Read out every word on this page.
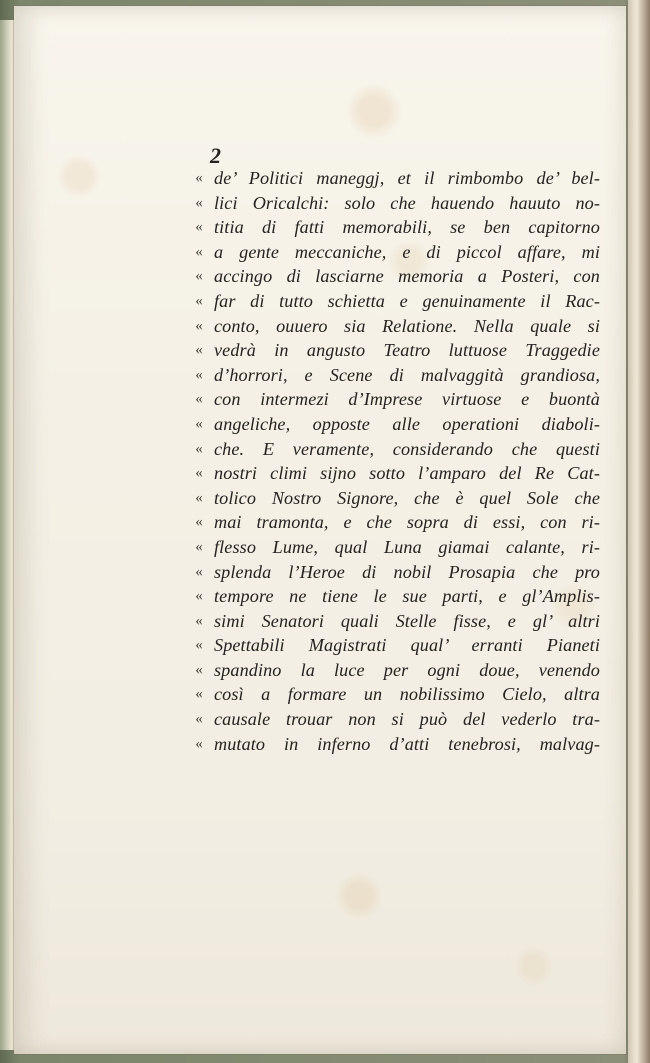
2
« de’ Politici maneggj, et il rimbombo de’ bel-
« lici Oricalchi: solo che hauendo hauuto no-
« titia di fatti memorabili, se ben capitorno
« a gente meccaniche, e di piccol affare, mi
« accingo di lasciarne memoria a Posteri, con
« far di tutto schietta e genuinamente il Rac-
« conto, ouuero sia Relatione. Nella quale si
« vedrà in angusto Teatro luttuose Traggedie
« d’horrori, e Scene di malvaggità grandiosa,
« con intermezi d’Imprese virtuose e buontà
« angeliche, opposte alle operationi diaboli-
« che. E veramente, considerando che questi
« nostri climi sijno sotto l’amparo del Re Cat-
« tolico Nostro Signore, che è quel Sole che
« mai tramonta, e che sopra di essi, con ri-
« flesso Lume, qual Luna giamai calante, ri-
« splenda l’Heroe di nobil Prosapia che pro
« tempore ne tiene le sue parti, e gl’Amplis-
« simi Senatori quali Stelle fisse, e gl’ altri
« Spettabili Magistrati qual’ erranti Pianeti
« spandino la luce per ogni doue, venendo
« così a formare un nobilissimo Cielo, altra
« causale trouar non si può del vederlo tra-
« mutato in inferno d’atti tenebrosi, malvag-
